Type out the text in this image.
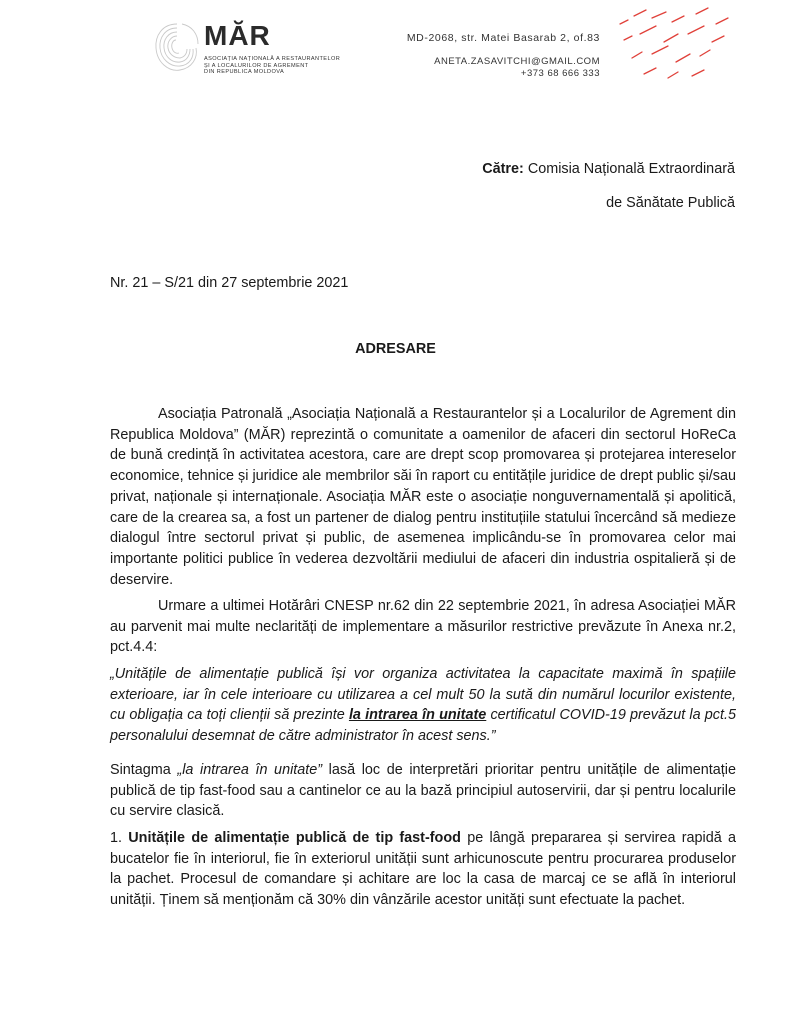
MĂR
ASOCIAȚIA NAȚIONALĂ A RESTAURANTELOR
ȘI A LOCALURILOR DE AGREMENT
DIN REPUBLICA MOLDOVA
MD-2068, str. Matei Basarab 2, of.83
ANETA.ZASAVITCHI@GMAIL.COM
+373 68 666 333
Către: Comisia Națională Extraordinară
de Sănătate Publică
Nr. 21 – S/21 din 27 septembrie 2021
ADRESARE

Asociația Patronală „Asociația Națională a Restaurantelor și a Localurilor de Agrement din Republica Moldova” (MĂR) reprezintă o comunitate a oamenilor de afaceri din sectorul HoReCa de bună credință în activitatea acestora, care are drept scop promovarea și protejarea intereselor economice, tehnice și juridice ale membrilor săi în raport cu entitățile juridice de drept public și/sau privat, naționale și internaționale. Asociația MĂR este o asociație nonguvernamentală și apolitică, care de la crearea sa, a fost un partener de dialog pentru instituțiile statului încercând să medieze dialogul între sectorul privat și public, de asemenea implicându-se în promovarea celor mai importante politici publice în vederea dezvoltării mediului de afaceri din industria ospitalieră și de deservire.

Urmare a ultimei Hotărâri CNESP nr.62 din 22 septembrie 2021, în adresa Asociației MĂR au parvenit mai multe neclarități de implementare a măsurilor restrictive prevăzute în Anexa nr.2, pct.4.4:

„Unitățile de alimentație publică își vor organiza activitatea la capacitate maximă în spațiile exterioare, iar în cele interioare cu utilizarea a cel mult 50 la sută din numărul locurilor existente, cu obligația ca toți clienții să prezinte la intrarea în unitate certificatul COVID-19 prevăzut la pct.5 personalului desemnat de către administrator în acest sens.”

Sintagma „la intrarea în unitate” lasă loc de interpretări prioritar pentru unitățile de alimentație publică de tip fast-food sau a cantinelor ce au la bază principiul autoservirii, dar și pentru localurile cu servire clasică.

1. Unitățile de alimentație publică de tip fast-food pe lângă prepararea și servirea rapidă a bucatelor fie în interiorul, fie în exteriorul unității sunt arhicunoscute pentru procurarea produselor la pachet. Procesul de comandare și achitare are loc la casa de marcaj ce se află în interiorul unității. Ținem să menționăm că 30% din vânzările acestor unități sunt efectuate la pachet.
